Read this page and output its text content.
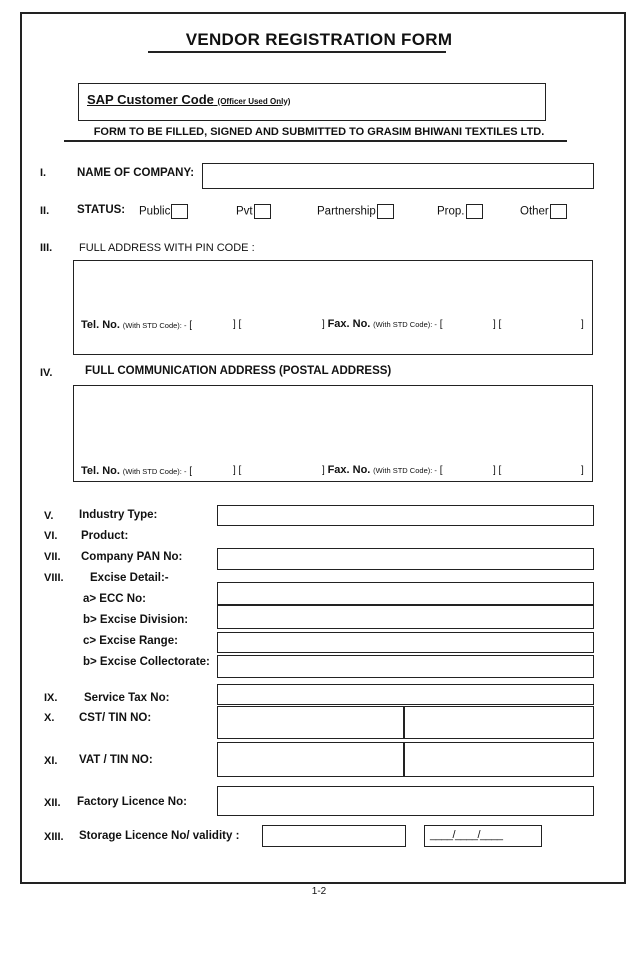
VENDOR REGISTRATION FORM
SAP Customer Code (Officer Used Only)
FORM TO BE FILLED, SIGNED AND SUBMITTED TO GRASIM BHIWANI TEXTILES LTD.
I.	NAME OF COMPANY:
II. STATUS: Public	Pvt	Partnership	Prop.	Other
III. FULL ADDRESS WITH PIN CODE :
Tel. No. (With STD Code): - [	] [	] Fax. No. (With STD Code): - [	] [	]
IV.	FULL COMMUNICATION ADDRESS (POSTAL ADDRESS)
Tel. No. (With STD Code): - [	] [	] Fax. No. (With STD Code): - [	] [	]
V. Industry Type:
VI. Product:
VII. Company PAN No:
VIII. Excise Detail:-
a> ECC No:
b> Excise Division:
c> Excise Range:
b> Excise Collectorate:
IX. Service Tax No:
X. CST/ TIN NO:
XI. VAT / TIN NO:
XII. Factory Licence No:
XIII. Storage Licence No/ validity :	____/____/____
1-2
